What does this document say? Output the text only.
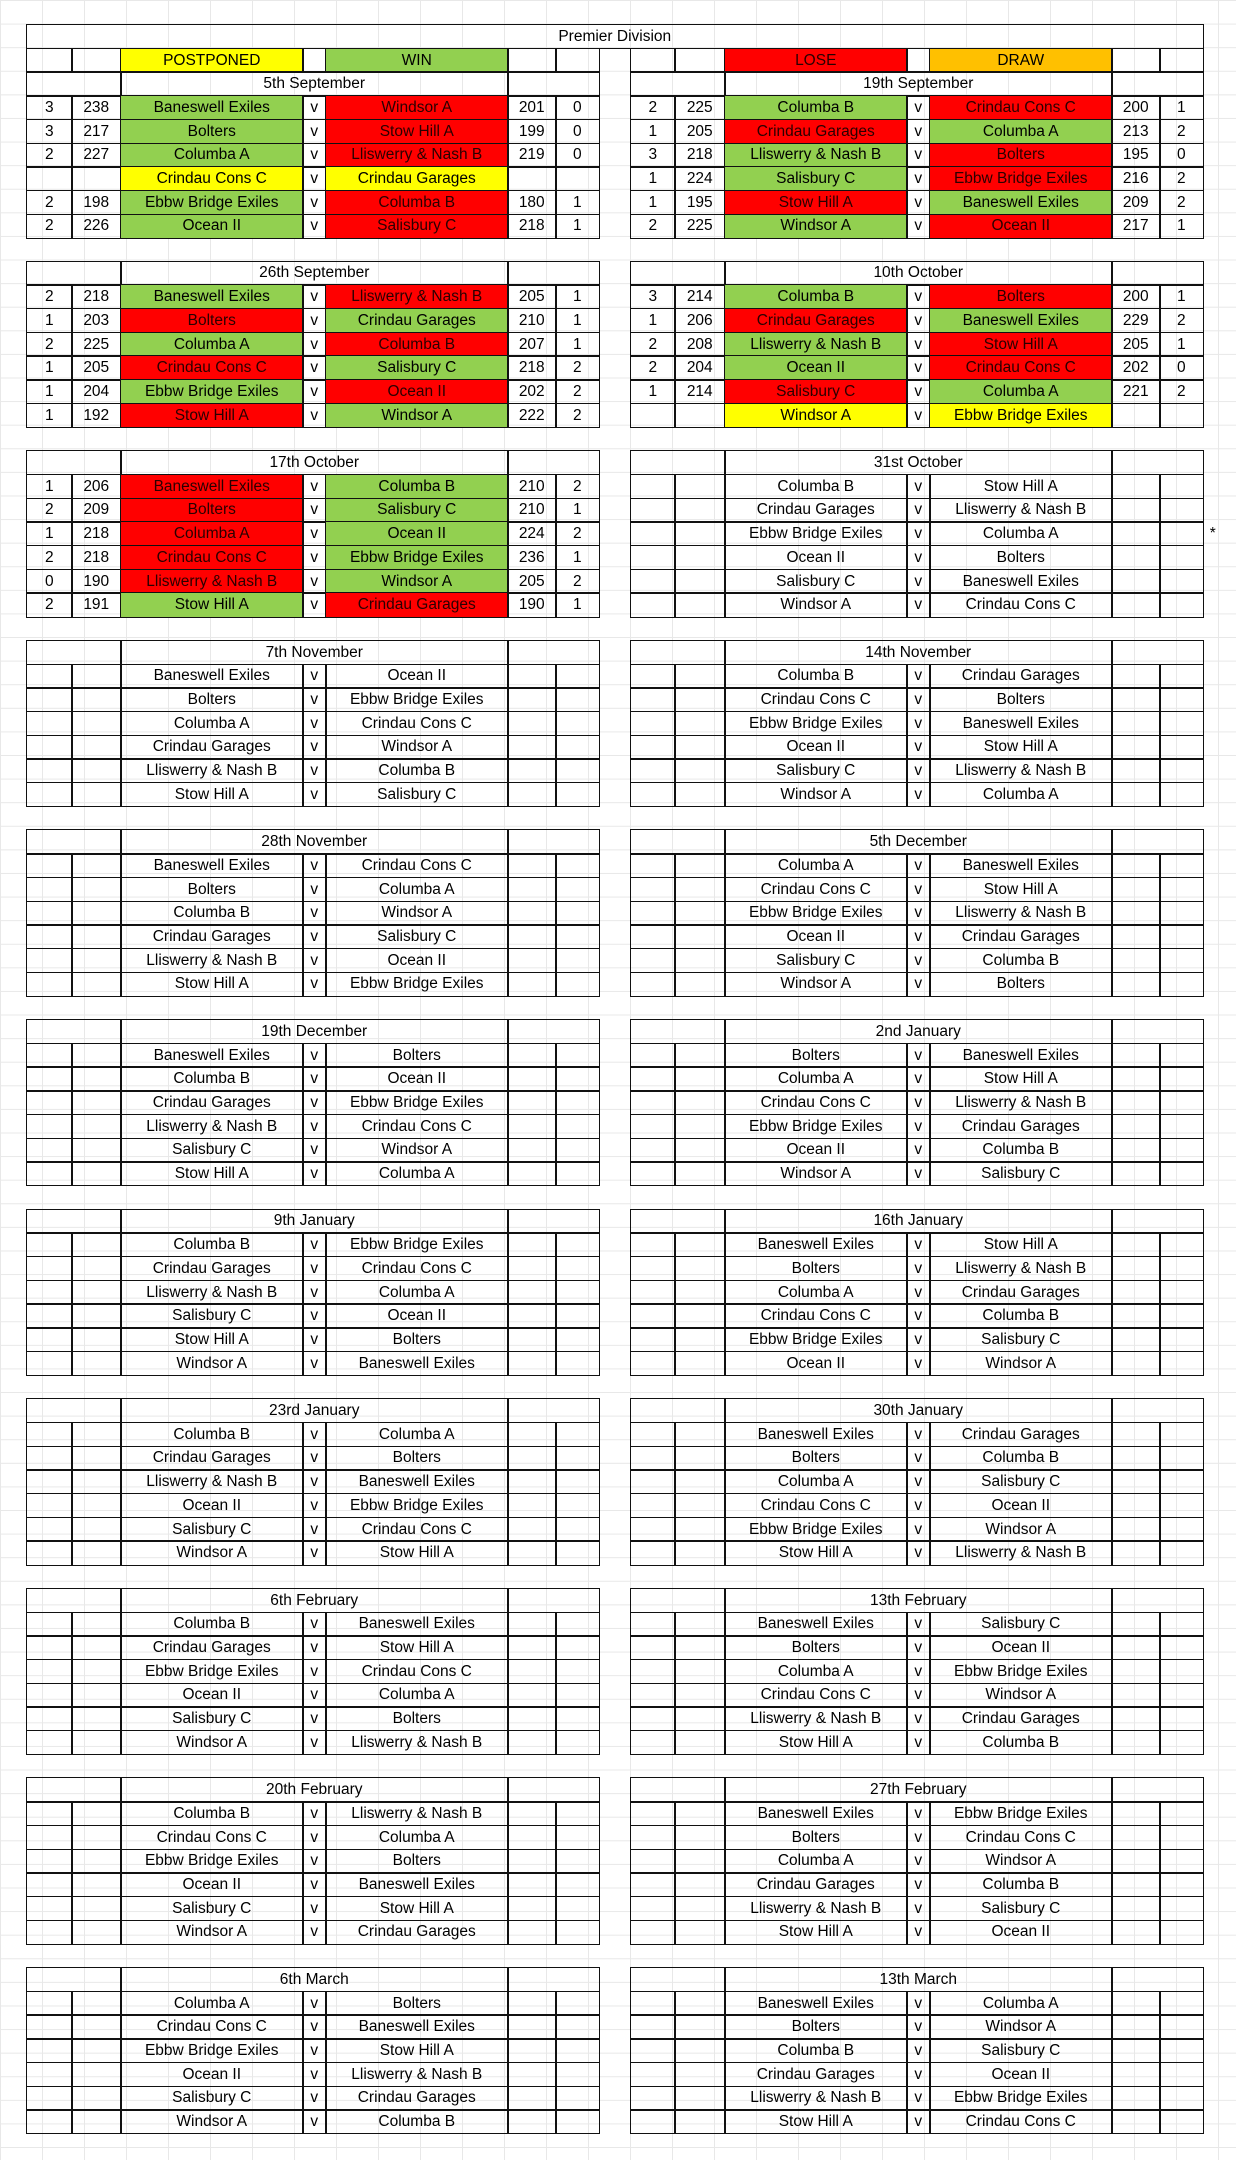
Premier Division
POSTPONED	WIN	LOSE	DRAW
5th September
3	238	Baneswell Exiles	v	Windsor A	201	0
3	217	Bolters	v	Stow Hill A	199	0
2	227	Columba A	v	Lliswerry & Nash B	219	0
Crindau Cons C	v	Crindau Garages
2	198	Ebbw Bridge Exiles	v	Columba B	180	1
2	226	Ocean II	v	Salisbury C	218	1
19th September
2	225	Columba B	v	Crindau Cons C	200	1
1	205	Crindau Garages	v	Columba A	213	2
3	218	Lliswerry & Nash B	v	Bolters	195	0
1	224	Salisbury C	v	Ebbw Bridge Exiles	216	2
1	195	Stow Hill A	v	Baneswell Exiles	209	2
2	225	Windsor A	v	Ocean II	217	1
26th September
2	218	Baneswell Exiles	v	Lliswerry & Nash B	205	1
1	203	Bolters	v	Crindau Garages	210	1
2	225	Columba A	v	Columba B	207	1
1	205	Crindau Cons C	v	Salisbury C	218	2
1	204	Ebbw Bridge Exiles	v	Ocean II	202	2
1	192	Stow Hill A	v	Windsor A	222	2
10th October
3	214	Columba B	v	Bolters	200	1
1	206	Crindau Garages	v	Baneswell Exiles	229	2
2	208	Lliswerry & Nash B	v	Stow Hill A	205	1
2	204	Ocean II	v	Crindau Cons C	202	0
1	214	Salisbury C	v	Columba A	221	2
Windsor A	v	Ebbw Bridge Exiles
17th October
1	206	Baneswell Exiles	v	Columba B	210	2
2	209	Bolters	v	Salisbury C	210	1
1	218	Columba A	v	Ocean II	224	2
2	218	Crindau Cons C	v	Ebbw Bridge Exiles	236	1
0	190	Lliswerry & Nash B	v	Windsor A	205	2
2	191	Stow Hill A	v	Crindau Garages	190	1
31st October
Columba B	v	Stow Hill A
Crindau Garages	v	Lliswerry & Nash B
Ebbw Bridge Exiles	v	Columba A
Ocean II	v	Bolters
Salisbury C	v	Baneswell Exiles
Windsor A	v	Crindau Cons C
7th November
Baneswell Exiles	v	Ocean II
Bolters	v	Ebbw Bridge Exiles
Columba A	v	Crindau Cons C
Crindau Garages	v	Windsor A
Lliswerry & Nash B	v	Columba B
Stow Hill A	v	Salisbury C
14th November
Columba B	v	Crindau Garages
Crindau Cons C	v	Bolters
Ebbw Bridge Exiles	v	Baneswell Exiles
Ocean II	v	Stow Hill A
Salisbury C	v	Lliswerry & Nash B
Windsor A	v	Columba A
28th November
Baneswell Exiles	v	Crindau Cons C
Bolters	v	Columba A
Columba B	v	Windsor A
Crindau Garages	v	Salisbury C
Lliswerry & Nash B	v	Ocean II
Stow Hill A	v	Ebbw Bridge Exiles
5th December
Columba A	v	Baneswell Exiles
Crindau Cons C	v	Stow Hill A
Ebbw Bridge Exiles	v	Lliswerry & Nash B
Ocean II	v	Crindau Garages
Salisbury C	v	Columba B
Windsor A	v	Bolters
19th December
Baneswell Exiles	v	Bolters
Columba B	v	Ocean II
Crindau Garages	v	Ebbw Bridge Exiles
Lliswerry & Nash B	v	Crindau Cons C
Salisbury C	v	Windsor A
Stow Hill A	v	Columba A
2nd January
Bolters	v	Baneswell Exiles
Columba A	v	Stow Hill A
Crindau Cons C	v	Lliswerry & Nash B
Ebbw Bridge Exiles	v	Crindau Garages
Ocean II	v	Columba B
Windsor A	v	Salisbury C
9th January
Columba B	v	Ebbw Bridge Exiles
Crindau Garages	v	Crindau Cons C
Lliswerry & Nash B	v	Columba A
Salisbury C	v	Ocean II
Stow Hill A	v	Bolters
Windsor A	v	Baneswell Exiles
16th January
Baneswell Exiles	v	Stow Hill A
Bolters	v	Lliswerry & Nash B
Columba A	v	Crindau Garages
Crindau Cons C	v	Columba B
Ebbw Bridge Exiles	v	Salisbury C
Ocean II	v	Windsor A
23rd January
Columba B	v	Columba A
Crindau Garages	v	Bolters
Lliswerry & Nash B	v	Baneswell Exiles
Ocean II	v	Ebbw Bridge Exiles
Salisbury C	v	Crindau Cons C
Windsor A	v	Stow Hill A
30th January
Baneswell Exiles	v	Crindau Garages
Bolters	v	Columba B
Columba A	v	Salisbury C
Crindau Cons C	v	Ocean II
Ebbw Bridge Exiles	v	Windsor A
Stow Hill A	v	Lliswerry & Nash B
6th February
Columba B	v	Baneswell Exiles
Crindau Garages	v	Stow Hill A
Ebbw Bridge Exiles	v	Crindau Cons C
Ocean II	v	Columba A
Salisbury C	v	Bolters
Windsor A	v	Lliswerry & Nash B
13th February
Baneswell Exiles	v	Salisbury C
Bolters	v	Ocean II
Columba A	v	Ebbw Bridge Exiles
Crindau Cons C	v	Windsor A
Lliswerry & Nash B	v	Crindau Garages
Stow Hill A	v	Columba B
20th February
Columba B	v	Lliswerry & Nash B
Crindau Cons C	v	Columba A
Ebbw Bridge Exiles	v	Bolters
Ocean II	v	Baneswell Exiles
Salisbury C	v	Stow Hill A
Windsor A	v	Crindau Garages
27th February
Baneswell Exiles	v	Ebbw Bridge Exiles
Bolters	v	Crindau Cons C
Columba A	v	Windsor A
Crindau Garages	v	Columba B
Lliswerry & Nash B	v	Salisbury C
Stow Hill A	v	Ocean II
6th March
Columba A	v	Bolters
Crindau Cons C	v	Baneswell Exiles
Ebbw Bridge Exiles	v	Stow Hill A
Ocean II	v	Lliswerry & Nash B
Salisbury C	v	Crindau Garages
Windsor A	v	Columba B
13th March
Baneswell Exiles	v	Columba A
Bolters	v	Windsor A
Columba B	v	Salisbury C
Crindau Garages	v	Ocean II
Lliswerry & Nash B	v	Ebbw Bridge Exiles
Stow Hill A	v	Crindau Cons C
*
